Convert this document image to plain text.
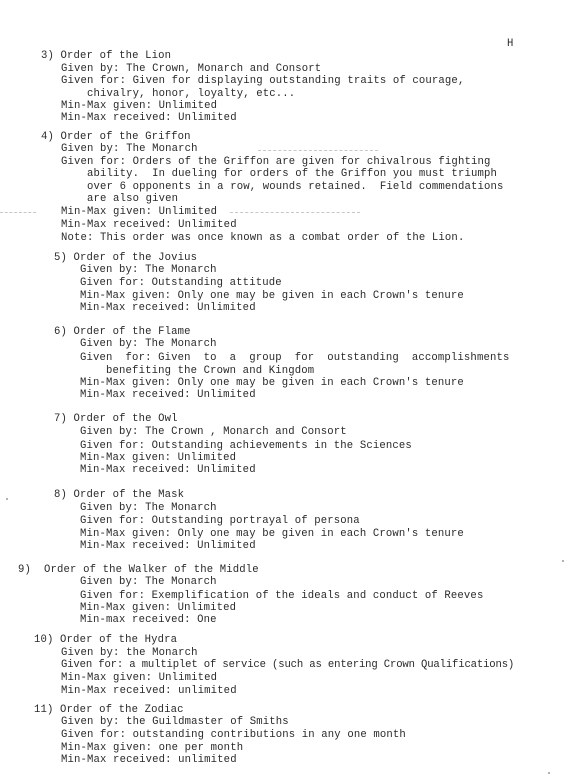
H
3) Order of the Lion
Given by: The Crown, Monarch and Consort
Given for: Given for displaying outstanding traits of courage,
chivalry, honor, loyalty, etc...
Min-Max given: Unlimited
Min-Max received: Unlimited
4) Order of the Griffon
Given by: The Monarch
Given for: Orders of the Griffon are given for chivalrous fighting
ability.  In dueling for orders of the Griffon you must triumph
over 6 opponents in a row, wounds retained.  Field commendations
are also given
Min-Max given: Unlimited
Min-Max received: Unlimited
Note: This order was once known as a combat order of the Lion.
5) Order of the Jovius
Given by: The Monarch
Given for: Outstanding attitude
Min-Max given: Only one may be given in each Crown's tenure
Min-Max received: Unlimited
6) Order of the Flame
Given by: The Monarch
Given  for: Given  to  a  group  for  outstanding  accomplishments
benefiting the Crown and Kingdom
Min-Max given: Only one may be given in each Crown's tenure
Min-Max received: Unlimited
7) Order of the Owl
Given by: The Crown , Monarch and Consort
Given for: Outstanding achievements in the Sciences
Min-Max given: Unlimited
Min-Max received: Unlimited
8) Order of the Mask
Given by: The Monarch
Given for: Outstanding portrayal of persona
Min-Max given: Only one may be given in each Crown's tenure
Min-Max received: Unlimited
9) Order of the Walker of the Middle
Given by: The Monarch
Given for: Exemplification of the ideals and conduct of Reeves
Min-Max given: Unlimited
Min-max received: One
10) Order of the Hydra
Given by: the Monarch
Given for: a multiplet of service (such as entering Crown Qualifications)
Min-Max given: Unlimited
Min-Max received: unlimited
11) Order of the Zodiac
Given by: the Guildmaster of Smiths
Given for: outstanding contributions in any one month
Min-Max given: one per month
Min-Max received: unlimited
